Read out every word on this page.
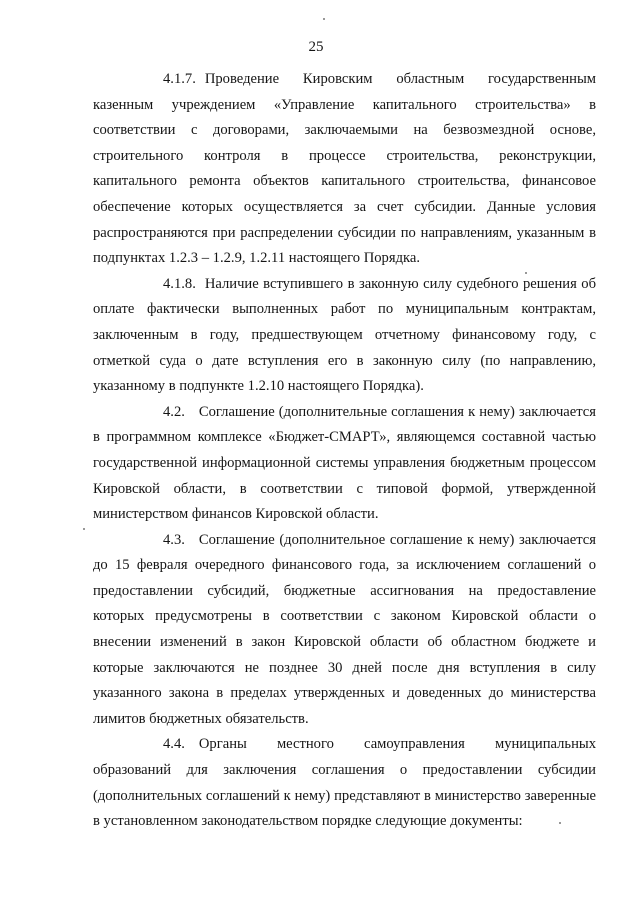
25

4.1.7. Проведение Кировским областным государственным казенным учреждением «Управление капитального строительства» в соответствии с договорами, заключаемыми на безвозмездной основе, строительного контроля в процессе строительства, реконструкции, капитального ремонта объектов капитального строительства, финансовое обеспечение которых осуществляется за счет субсидии. Данные условия распространяются при распределении субсидии по направлениям, указанным в подпунктах 1.2.3 – 1.2.9, 1.2.11 настоящего Порядка.

4.1.8. Наличие вступившего в законную силу судебного решения об оплате фактически выполненных работ по муниципальным контрактам, заключенным в году, предшествующем отчетному финансовому году, с отметкой суда о дате вступления его в законную силу (по направлению, указанному в подпункте 1.2.10 настоящего Порядка).

4.2. Соглашение (дополнительные соглашения к нему) заключается в программном комплексе «Бюджет-СМАРТ», являющемся составной частью государственной информационной системы управления бюджетным процессом Кировской области, в соответствии с типовой формой, утвержденной министерством финансов Кировской области.

4.3. Соглашение (дополнительное соглашение к нему) заключается до 15 февраля очередного финансового года, за исключением соглашений о предоставлении субсидий, бюджетные ассигнования на предоставление которых предусмотрены в соответствии с законом Кировской области о внесении изменений в закон Кировской области об областном бюджете и которые заключаются не позднее 30 дней после дня вступления в силу указанного закона в пределах утвержденных и доведенных до министерства лимитов бюджетных обязательств.

4.4. Органы местного самоуправления муниципальных образований для заключения соглашения о предоставлении субсидии (дополнительных соглашений к нему) представляют в министерство заверенные в установленном законодательством порядке следующие документы:
